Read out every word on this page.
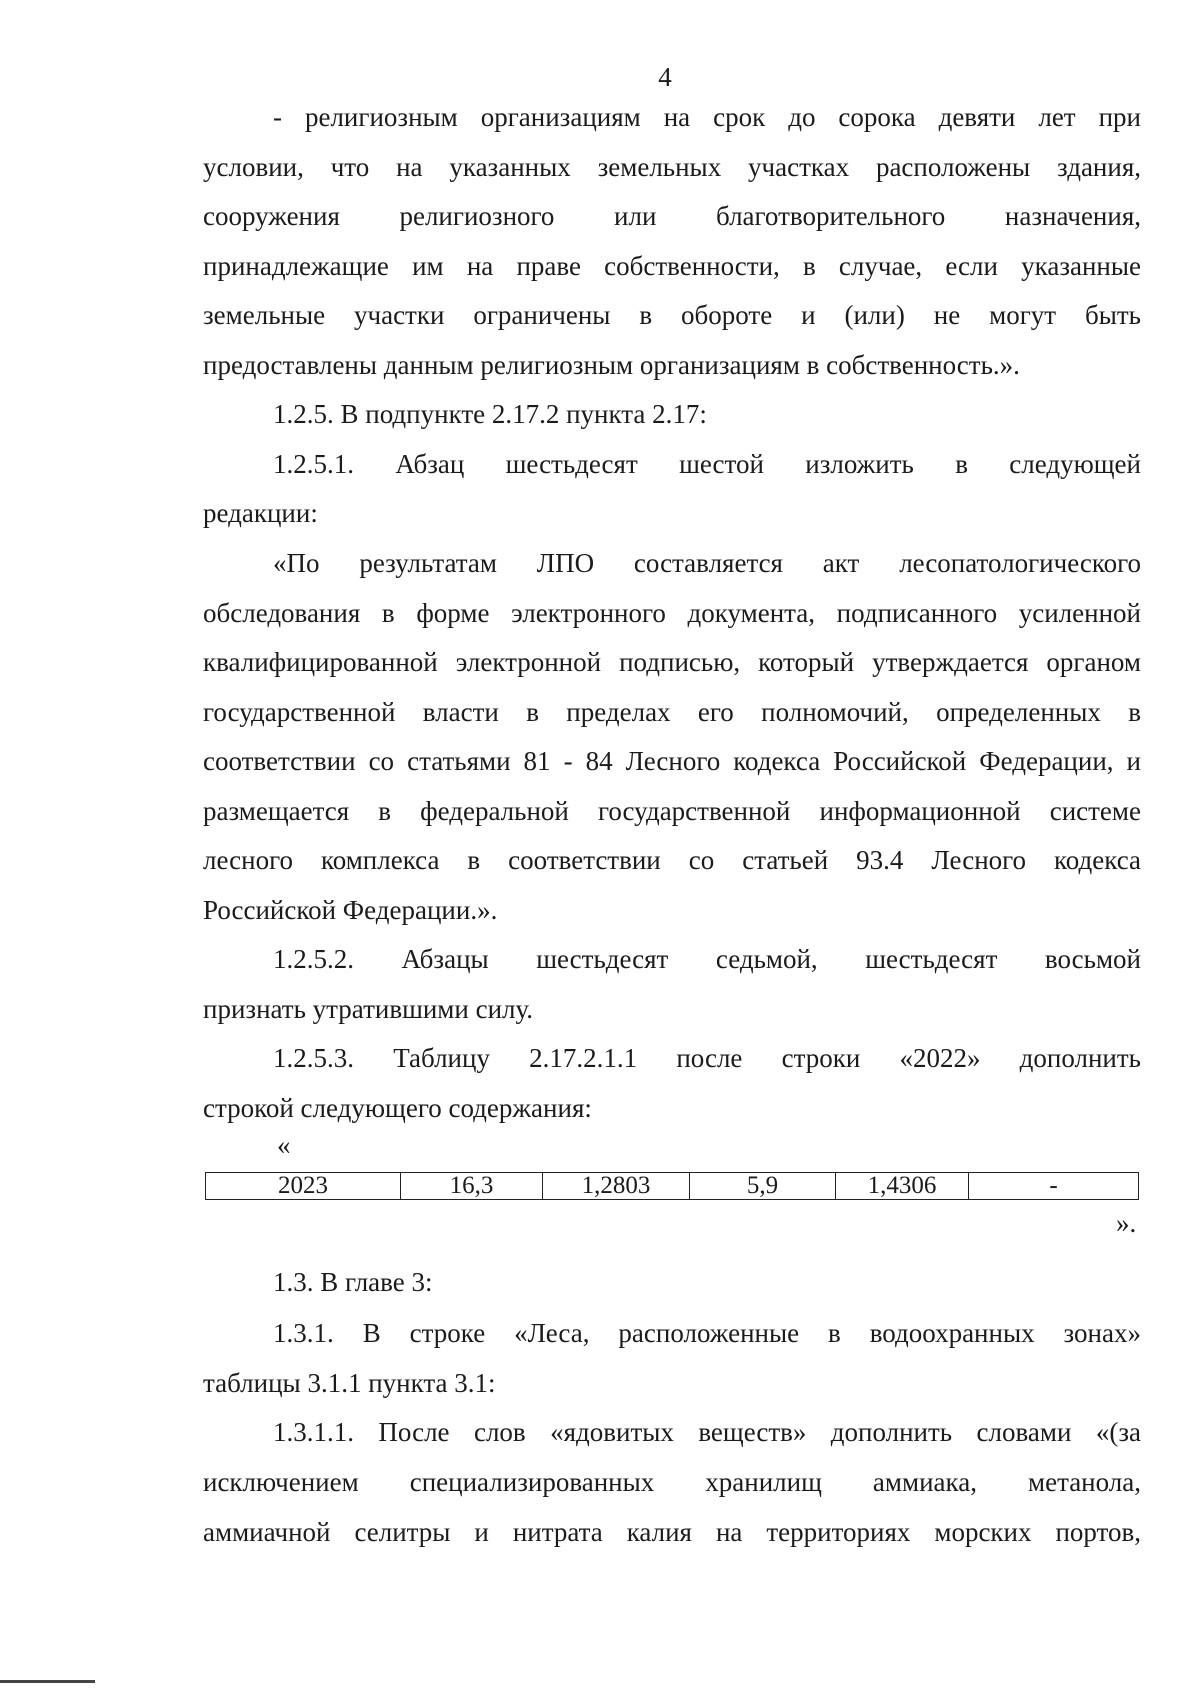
4
- религиозным организациям на срок до сорока девяти лет при
условии, что на указанных земельных участках расположены здания,
сооружения религиозного или благотворительного назначения,
принадлежащие им на праве собственности, в случае, если указанные
земельные участки ограничены в обороте и (или) не могут быть
предоставлены данным религиозным организациям в собственность.».
1.2.5. В подпункте 2.17.2 пункта 2.17:
1.2.5.1. Абзац шестьдесят шестой изложить в следующей
редакции:
«По результатам ЛПО составляется акт лесопатологического
обследования в форме электронного документа, подписанного усиленной
квалифицированной электронной подписью, который утверждается органом
государственной власти в пределах его полномочий, определенных в
соответствии со статьями 81 - 84 Лесного кодекса Российской Федерации, и
размещается в федеральной государственной информационной системе
лесного комплекса в соответствии со статьей 93.4 Лесного кодекса
Российской Федерации.».
1.2.5.2. Абзацы шестьдесят седьмой, шестьдесят восьмой
признать утратившими силу.
1.2.5.3. Таблицу 2.17.2.1.1 после строки «2022» дополнить
строкой следующего содержания:
«
2023	16,3	1,2803	5,9	1,4306	-
».
1.3. В главе 3:
1.3.1. В строке «Леса, расположенные в водоохранных зонах»
таблицы 3.1.1 пункта 3.1:
1.3.1.1. После слов «ядовитых веществ» дополнить словами «(за
исключением специализированных хранилищ аммиака, метанола,
аммиачной селитры и нитрата калия на территориях морских портов,
